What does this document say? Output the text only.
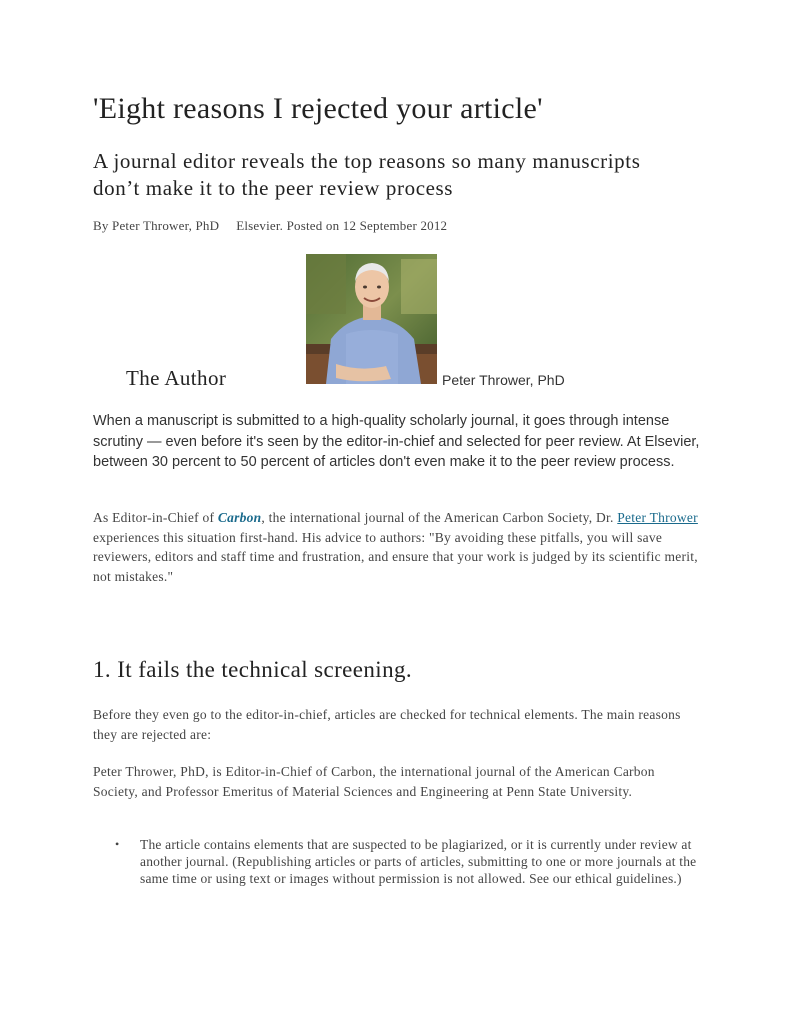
'Eight reasons I rejected your article'
A journal editor reveals the top reasons so many manuscripts don’t make it to the peer review process
By Peter Thrower, PhD Elsevier. Posted on 12 September 2012
The Author	Peter Thrower, PhD
When a manuscript is submitted to a high-quality scholarly journal, it goes through intense scrutiny — even before it's seen by the editor-in-chief and selected for peer review. At Elsevier, between 30 percent to 50 percent of articles don't even make it to the peer review process.
As Editor-in-Chief of Carbon, the international journal of the American Carbon Society, Dr. Peter Thrower experiences this situation first-hand. His advice to authors: "By avoiding these pitfalls, you will save reviewers, editors and staff time and frustration, and ensure that your work is judged by its scientific merit, not mistakes."
1. It fails the technical screening.
Before they even go to the editor-in-chief, articles are checked for technical elements. The main reasons they are rejected are:
Peter Thrower, PhD, is Editor-in-Chief of Carbon, the international journal of the American Carbon Society, and Professor Emeritus of Material Sciences and Engineering at Penn State University.
• The article contains elements that are suspected to be plagiarized, or it is currently under review at another journal. (Republishing articles or parts of articles, submitting to one or more journals at the same time or using text or images without permission is not allowed. See our ethical guidelines.)
